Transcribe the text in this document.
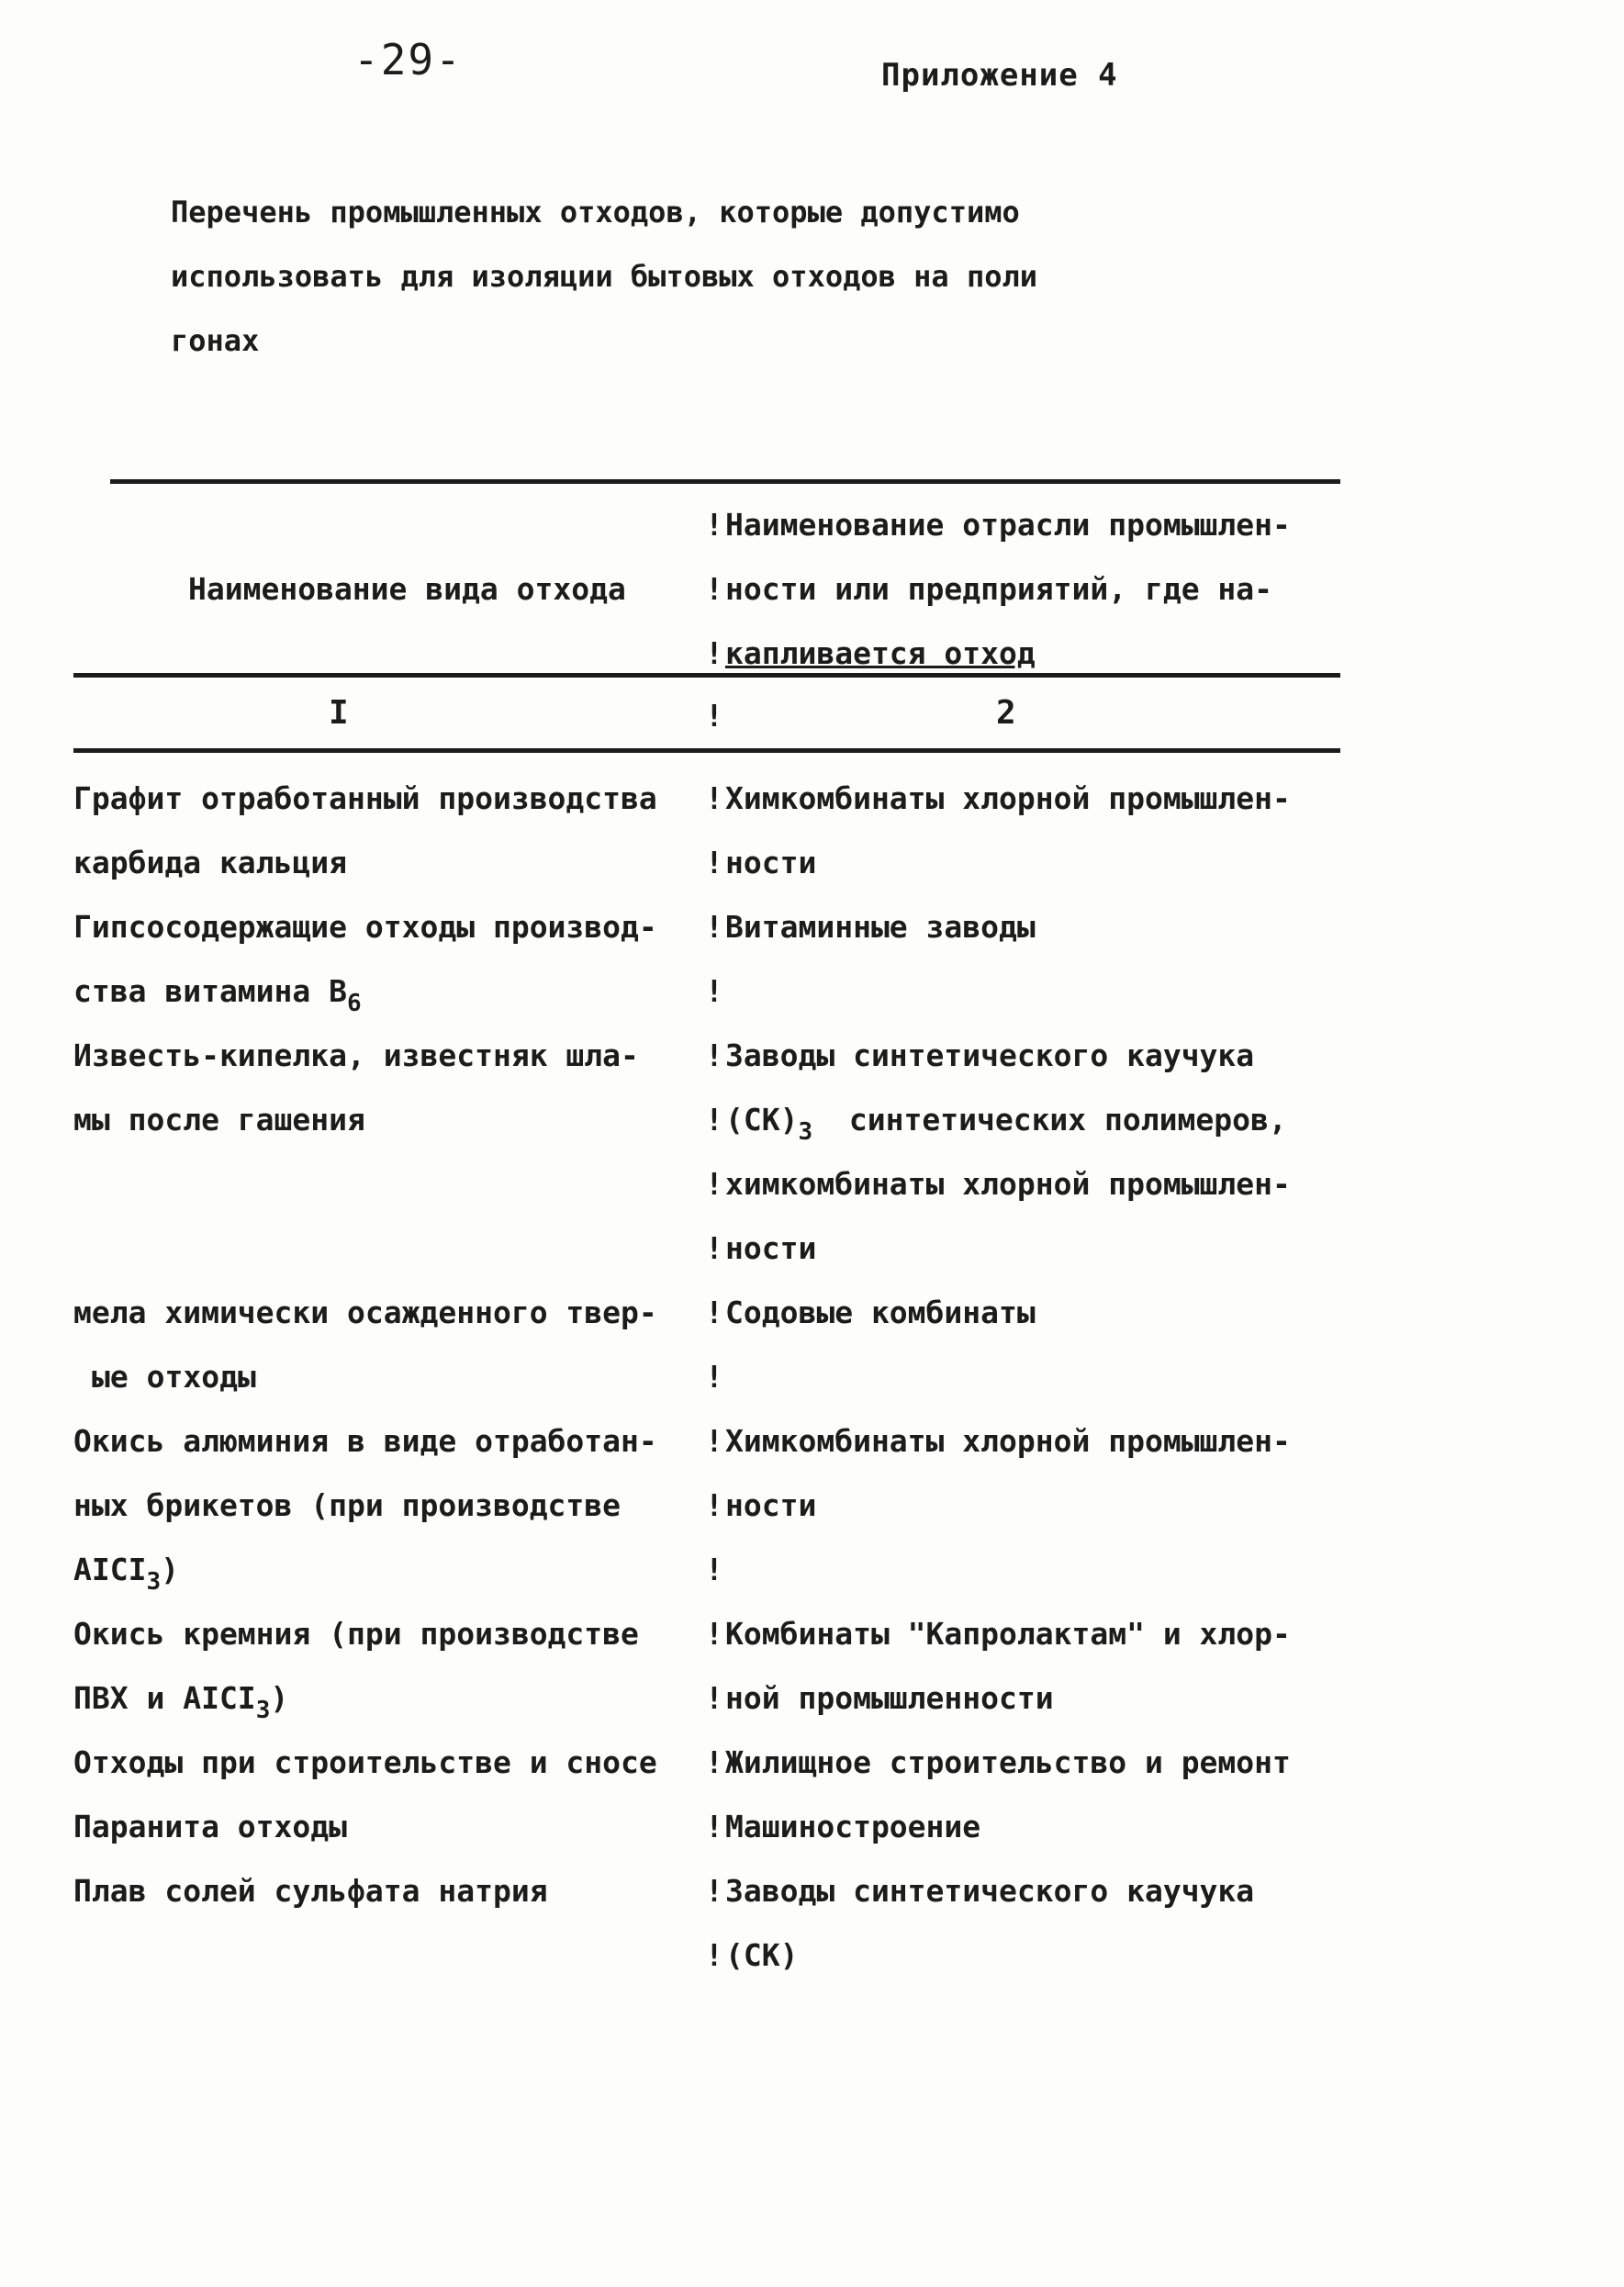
-29-	Приложение 4
Перечень промышленных отходов, которые допустимо
использовать для изоляции бытовых отходов на поли
гонах
Наименование вида отхода
! Наименование отрасли промышлен-
! ности или предприятий, где на-
! капливается отход
I	!	2
Графит отработанный производства ! Химкомбинаты хлорной промышлен-
карбида кальция	! ности
Гипсосодержащие отходы производ- ! Витаминные заводы
ства витамина $B_6$	!
Известь-кипелка, известняк шла- ! Заводы синтетического каучука
мы после гашения	! $(СК)_3$ синтетических полимеров,
! химкомбинаты хлорной промышлен-
! ности
мела химически осажденного твер- ! Содовые комбинаты
ые отходы	!
Окись алюминия в виде отработан- ! Химкомбинаты хлорной промышлен-
ных брикетов (при производстве	! ности
$AICI_3$)	!
Окись кремния (при производстве ! Комбинаты "Капролактам" и хлор-
ПВХ и $AICI_3$)	! ной промышленности
Отходы при строительстве и сносе ! Жилищное строительство и ремонт
Паранита отходы	! Машиностроение
Плав солей сульфата натрия	! Заводы синтетического каучука
! (СК)
